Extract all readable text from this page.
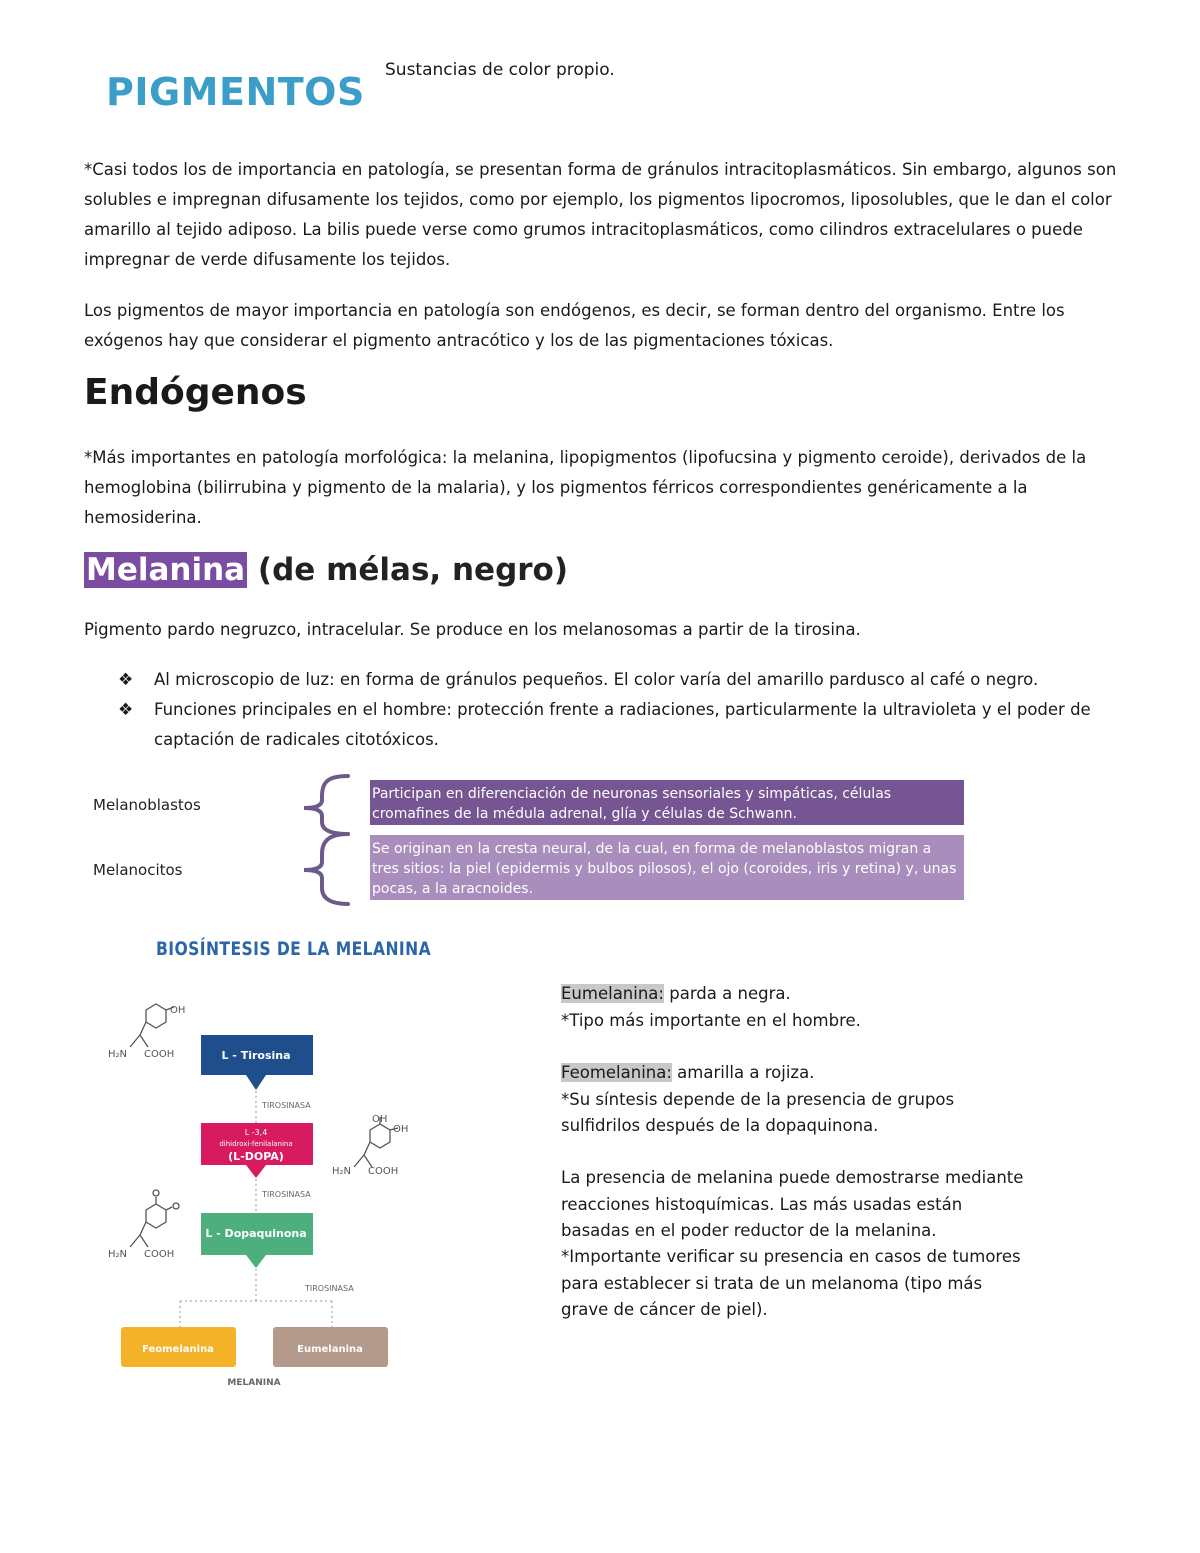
PIGMENTOS Sustancias de color propio.

*Casi todos los de importancia en patología, se presentan forma de gránulos intracitoplasmáticos. Sin embargo, algunos son solubles e impregnan difusamente los tejidos, como por ejemplo, los pigmentos lipocromos, liposolubles, que le dan el color amarillo al tejido adiposo. La bilis puede verse como grumos intracitoplasmáticos, como cilindros extracelulares o puede impregnar de verde difusamente los tejidos.

Los pigmentos de mayor importancia en patología son endógenos, es decir, se forman dentro del organismo. Entre los exógenos hay que considerar el pigmento antracótico y los de las pigmentaciones tóxicas.

Endógenos

*Más importantes en patología morfológica: la melanina, lipopigmentos (lipofucsina y pigmento ceroide), derivados de la hemoglobina (bilirrubina y pigmento de la malaria), y los pigmentos férricos correspondientes genéricamente a la hemosiderina.

Melanina (de mélas, negro)

Pigmento pardo negruzco, intracelular. Se produce en los melanosomas a partir de la tirosina.

❖ Al microscopio de luz: en forma de gránulos pequeños. El color varía del amarillo pardusco al café o negro.
❖ Funciones principales en el hombre: protección frente a radiaciones, particularmente la ultravioleta y el poder de captación de radicales citotóxicos.
Melanoblastos
Melanocitos
Participan en diferenciación de neuronas sensoriales y simpáticas, células cromafines de la médula adrenal, glía y células de Schwann.
Se originan en la cresta neural, de la cual, en forma de melanoblastos migran a tres sitios: la piel (epidermis y bulbos pilosos), el ojo (coroides, iris y retina) y, unas pocas, a la aracnoides.
BIOSÍNTESIS DE LA MELANINA
OH
H₂N COOH	L - Tirosina
TIROSINASA
L -3,4
dihidroxi-fenilalanina
(L-DOPA)
OH
OH
H₂N COOH
TIROSINASA
H₂N COOH
L - Dopaquinona
TIROSINASA
Feomelanina	Eumelanina
MELANINA
Eumelanina: parda a negra.
*Tipo más importante en el hombre.
Feomelanina: amarilla a rojiza.
*Su síntesis depende de la presencia de grupos sulfidrilos después de la dopaquinona.
La presencia de melanina puede demostrarse mediante reacciones histoquímicas. Las más usadas están basadas en el poder reductor de la melanina.
*Importante verificar su presencia en casos de tumores para establecer si trata de un melanoma (tipo más grave de cáncer de piel).
